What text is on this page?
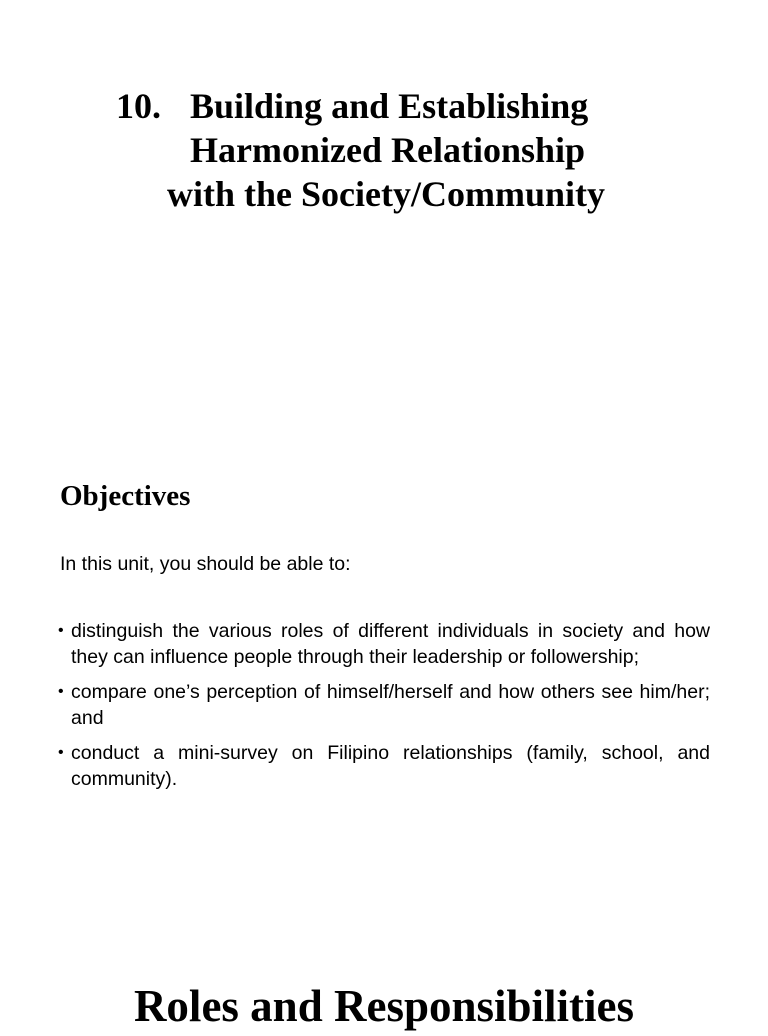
10. Building and Establishing
Harmonized Relationship
with the Society/Community
Objectives
In this unit, you should be able to:
• distinguish the various roles of different individuals in society and how they can influence people through their leadership or followership;
• compare one’s perception of himself/herself and how others see him/her; and
• conduct a mini-survey on Filipino relationships (family, school, and community).
Roles and Responsibilities
